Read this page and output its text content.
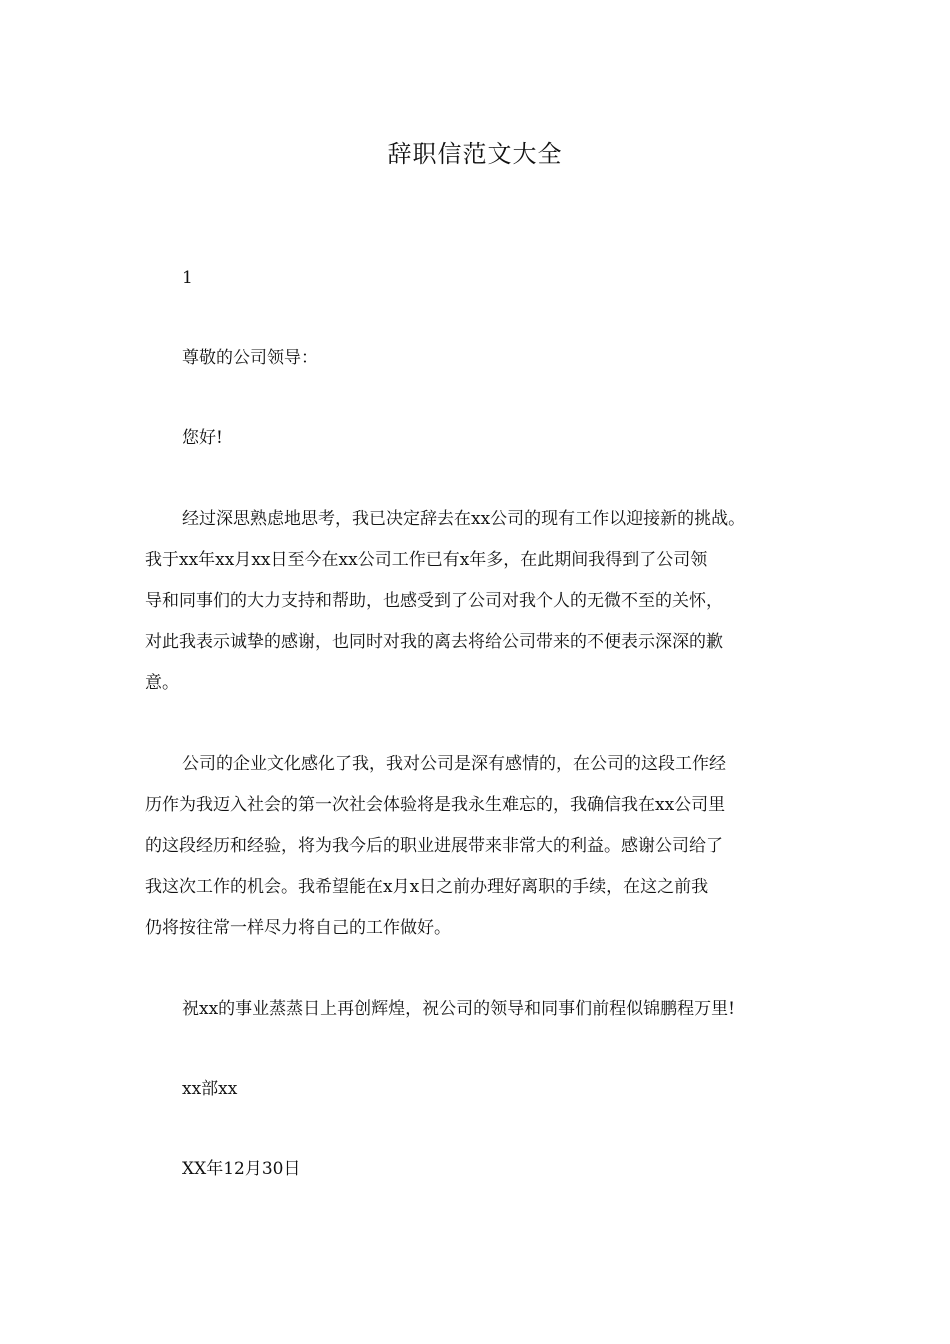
辞职信范文大全
1
尊敬的公司领导：
您好!
经过深思熟虑地思考，我已决定辞去在xx公司的现有工作以迎接新的挑战。
我于xx年xx月xx日至今在xx公司工作已有x年多，在此期间我得到了公司领
导和同事们的大力支持和帮助，也感受到了公司对我个人的无微不至的关怀，
对此我表示诚挚的感谢，也同时对我的离去将给公司带来的不便表示深深的歉
意。
公司的企业文化感化了我，我对公司是深有感情的，在公司的这段工作经
历作为我迈入社会的第一次社会体验将是我永生难忘的，我确信我在xx公司里
的这段经历和经验，将为我今后的职业进展带来非常大的利益。感谢公司给了
我这次工作的机会。我希望能在x月x日之前办理好离职的手续，在这之前我
仍将按往常一样尽力将自己的工作做好。
祝xx的事业蒸蒸日上再创辉煌，祝公司的领导和同事们前程似锦鹏程万里!
xx部xx
XX年12月30日
